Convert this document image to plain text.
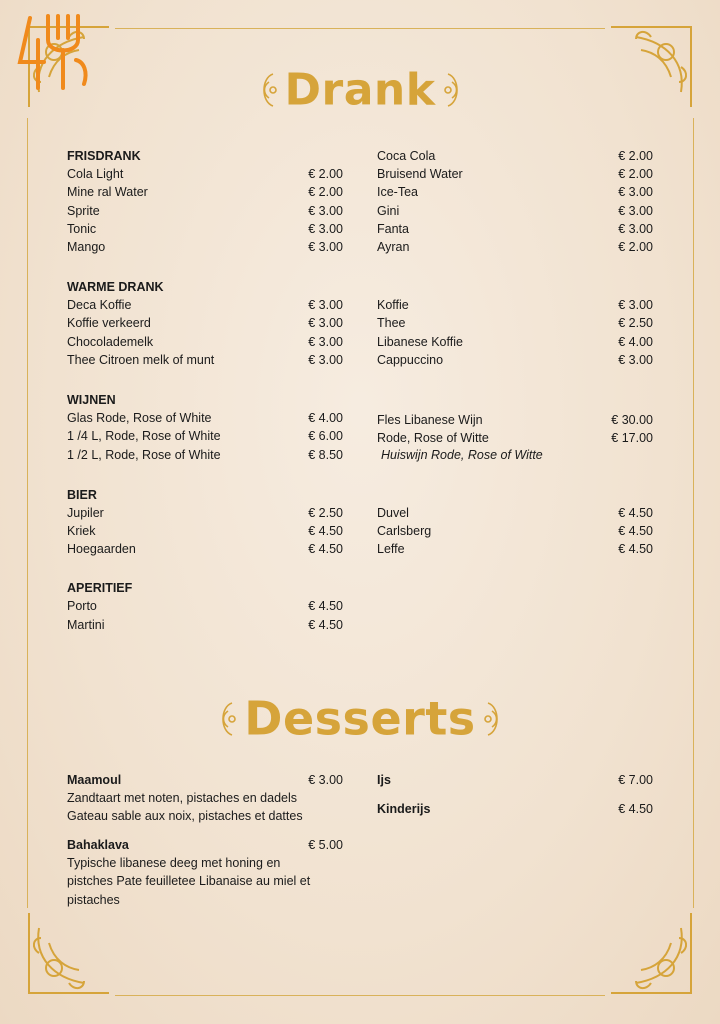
Drank
FRISDRANK
Cola Light	€ 2.00
Mine ral Water	€ 2.00
Sprite	€ 3.00
Tonic	€ 3.00
Mango	€ 3.00
Coca Cola	€ 2.00
Bruisend Water	€ 2.00
Ice-Tea	€ 3.00
Gini	€ 3.00
Fanta	€ 3.00
Ayran	€ 2.00
WARME DRANK
Deca Koffie	€ 3.00
Koffie verkeerd	€ 3.00
Chocolademelk	€ 3.00
Thee Citroen melk of munt	€ 3.00
Koffie	€ 3.00
Thee	€ 2.50
Libanese Koffie	€ 4.00
Cappuccino	€ 3.00
WIJNEN
Glas Rode, Rose of White	€ 4.00
1 /4 L, Rode, Rose of White	€ 6.00
1 /2 L, Rode, Rose of White	€ 8.50
Fles Libanese Wijn	€ 30.00
Rode, Rose of Witte	€ 17.00
Huiswijn Rode, Rose of Witte
BIER
Jupiler	€ 2.50
Kriek	€ 4.50
Hoegaarden	€ 4.50
Duvel	€ 4.50
Carlsberg	€ 4.50
Leffe	€ 4.50
APERITIEF
Porto	€ 4.50
Martini	€ 4.50
Desserts
Maamoul	€ 3.00
Zandtaart met noten, pistaches en dadels
Gateau sable aux noix, pistaches et dattes
Bahaklava	€ 5.00
Typische libanese deeg met honing en
pistches Pate feuilletee Libanaise au miel et
pistaches
Ijs	€ 7.00
Kinderijs	€ 4.50
